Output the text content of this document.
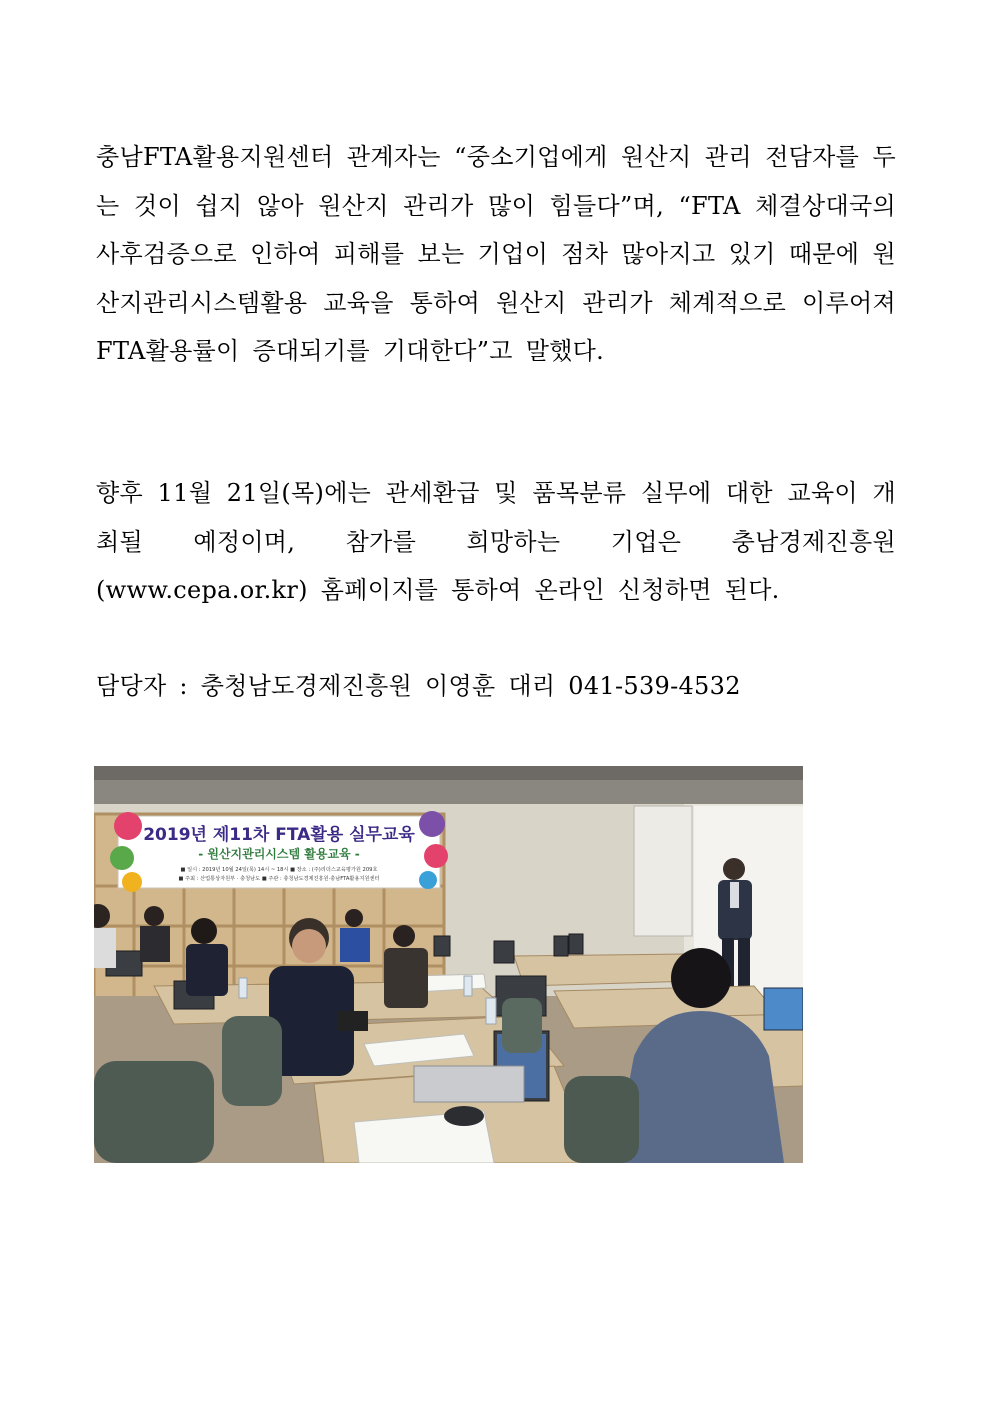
충남FTA활용지원센터 관계자는 “중소기업에게 원산지 관리 전담자를 두는 것이 쉽지 않아 원산지 관리가 많이 힘들다”며, “FTA 체결상대국의 사후검증으로 인하여 피해를 보는 기업이 점차 많아지고 있기 때문에 원산지관리시스템활용 교육을 통하여 원산지 관리가 체계적으로 이루어져 FTA활용률이 증대되기를 기대한다”고 말했다.

향후 11월 21일(목)에는 관세환급 및 품목분류 실무에 대한 교육이 개최될 예정이며, 참가를 희망하는 기업은 충남경제진흥원(www.cepa.or.kr) 홈페이지를 통하여 온라인 신청하면 된다.

담당자 : 충청남도경제진흥원 이영훈 대리 041-539-4532

2019년 제11차 FTA활용 실무교육
- 원산지관리시스템 활용교육 -
■ 일시 : 2019년 10월 24일(목) 14시 ~ 18시 ■ 장소 : (주)리더스교육평가원 209호
■ 주최 : 산업통상자원부 · 충청남도 ■ 주관 : 충청남도경제진흥원·충남FTA활용지원센터
